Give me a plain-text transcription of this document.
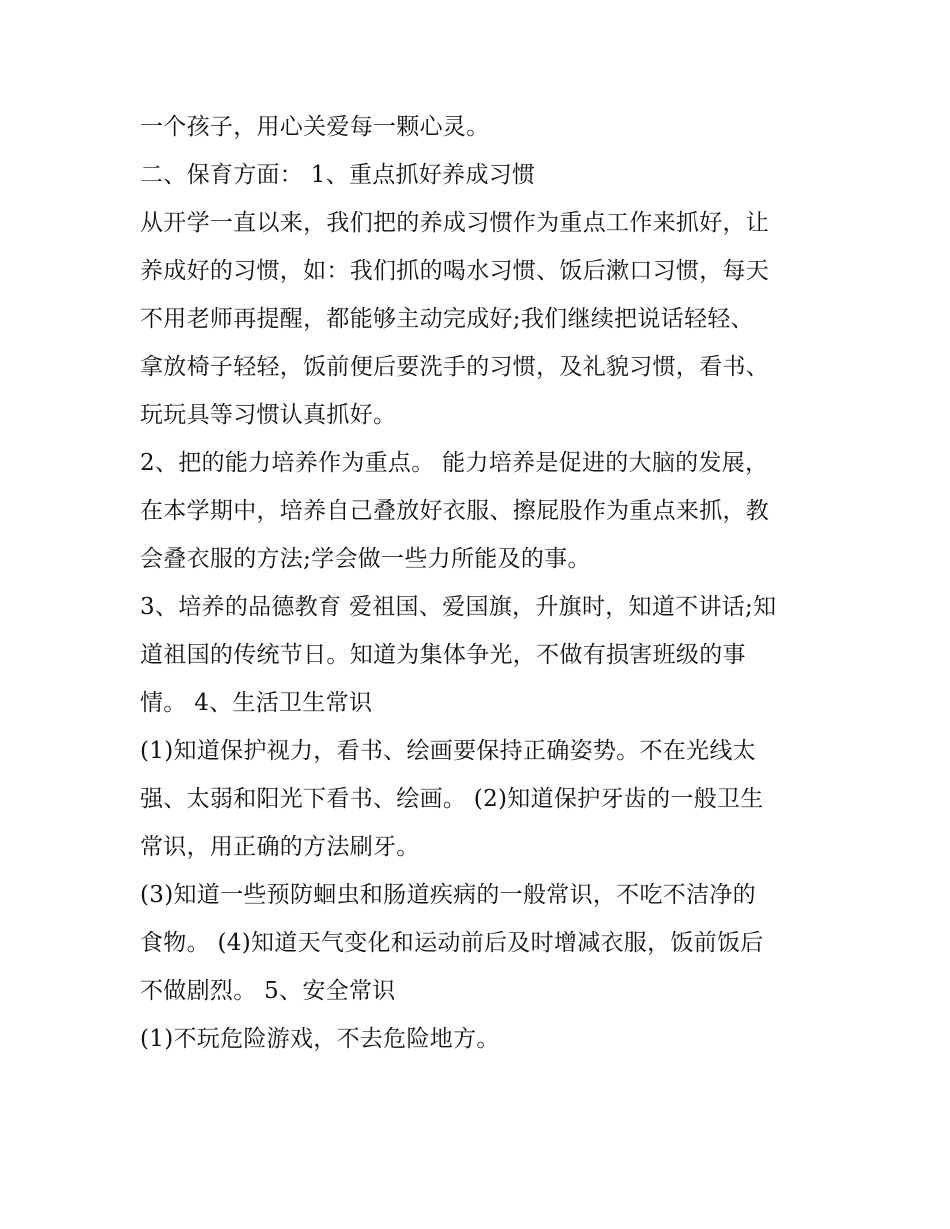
一个孩子，用心关爱每一颗心灵。
二、保育方面： 1、重点抓好养成习惯
从开学一直以来，我们把的养成习惯作为重点工作来抓好，让
养成好的习惯，如：我们抓的喝水习惯、饭后漱口习惯，每天
不用老师再提醒，都能够主动完成好;我们继续把说话轻轻、
拿放椅子轻轻，饭前便后要洗手的习惯，及礼貌习惯，看书、
玩玩具等习惯认真抓好。
2、把的能力培养作为重点。 能力培养是促进的大脑的发展，
在本学期中，培养自己叠放好衣服、擦屁股作为重点来抓，教
会叠衣服的方法;学会做一些力所能及的事。
3、培养的品德教育 爱祖国、爱国旗，升旗时，知道不讲话;知
道祖国的传统节日。知道为集体争光，不做有损害班级的事
情。 4、生活卫生常识
(1)知道保护视力，看书、绘画要保持正确姿势。不在光线太
强、太弱和阳光下看书、绘画。 (2)知道保护牙齿的一般卫生
常识，用正确的方法刷牙。
(3)知道一些预防蛔虫和肠道疾病的一般常识，不吃不洁净的
食物。 (4)知道天气变化和运动前后及时增减衣服，饭前饭后
不做剧烈。 5、安全常识
(1)不玩危险游戏，不去危险地方。
